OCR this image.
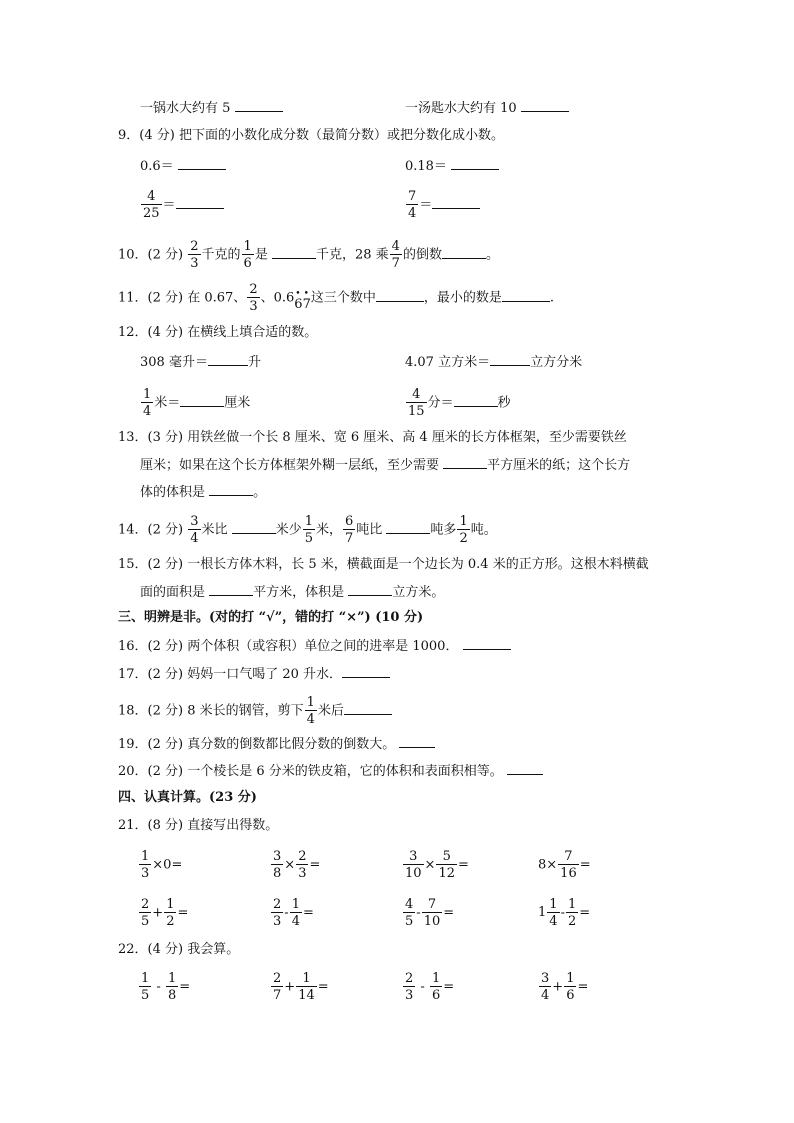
一锅水大约有 5	一汤匙水大约有 10
9．(4 分) 把下面的小数化成分数（最简分数）或把分数化成小数。
0.6＝	0.18＝
$\frac{4}{25}$ ＝	$\frac{7}{4}$ ＝
10．(2 分) $\frac{2}{3}$ 千克的 $\frac{1}{6}$ 是	千克，28 乘 $\frac{4}{7}$ 的倒数	。
11．(2 分) 在 0.67、 $\frac{2}{3}$ 、0.6• 6• 7这三个数中	，最小的数是	.
12．(4 分) 在横线上填合适的数。
308 毫升＝	升	4.07 立方米＝	立方分米
$\frac{1}{4}$ 米＝	厘米	$\frac{4}{15}$ 分＝	秒
13．(3 分) 用铁丝做一个长 8 厘米、宽 6 厘米、高 4 厘米的长方体框架，至少需要铁丝
厘米；如果在这个长方体框架外糊一层纸，至少需要	平方厘米的纸；这个长方
体的体积是	。
14．(2 分) $\frac{3}{4}$ 米比	米少 $\frac{1}{5}$ 米， $\frac{6}{7}$ 吨比	吨多 $\frac{1}{2}$ 吨。
15．(2 分) 一根长方体木料，长 5 米，横截面是一个边长为 0.4 米的正方形。这根木料横截
面的面积是	平方米，体积是	立方米。
三、明辨是非。(对的打 “√”，错的打 “×”) (10 分)
16．(2 分) 两个体积（或容积）单位之间的进率是 1000．
17．(2 分) 妈妈一口气喝了 20 升水．
18．(2 分) 8 米长的钢管，剪下 $\frac{1}{4}$ 米后
19．(2 分) 真分数的倒数都比假分数的倒数大。
20．(2 分) 一个棱长是 6 分米的铁皮箱，它的体积和表面积相等。
四、认真计算。(23 分)
21．(8 分) 直接写出得数。
$\frac{1}{3} \times 0=$	$\frac{3}{8} \times \frac{2}{3}$ =	$\frac{3}{10} \times \frac{5}{12}$ =	$8\times \frac{7}{16}$ =
$\frac{2}{5} + \frac{1}{2}$ =	$\frac{2}{3} - \frac{1}{4}$ =	$\frac{4}{5} - \frac{7}{10}$ =	$1 \frac{1}{4} - \frac{1}{2}$ =
22．(4 分) 我会算。
$\frac{1}{5} - \frac{1}{8}$ =	$\frac{2}{7} + \frac{1}{14}$ =	$\frac{2}{3} - \frac{1}{6}$ =	$\frac{3}{4} + \frac{1}{6}$ =
